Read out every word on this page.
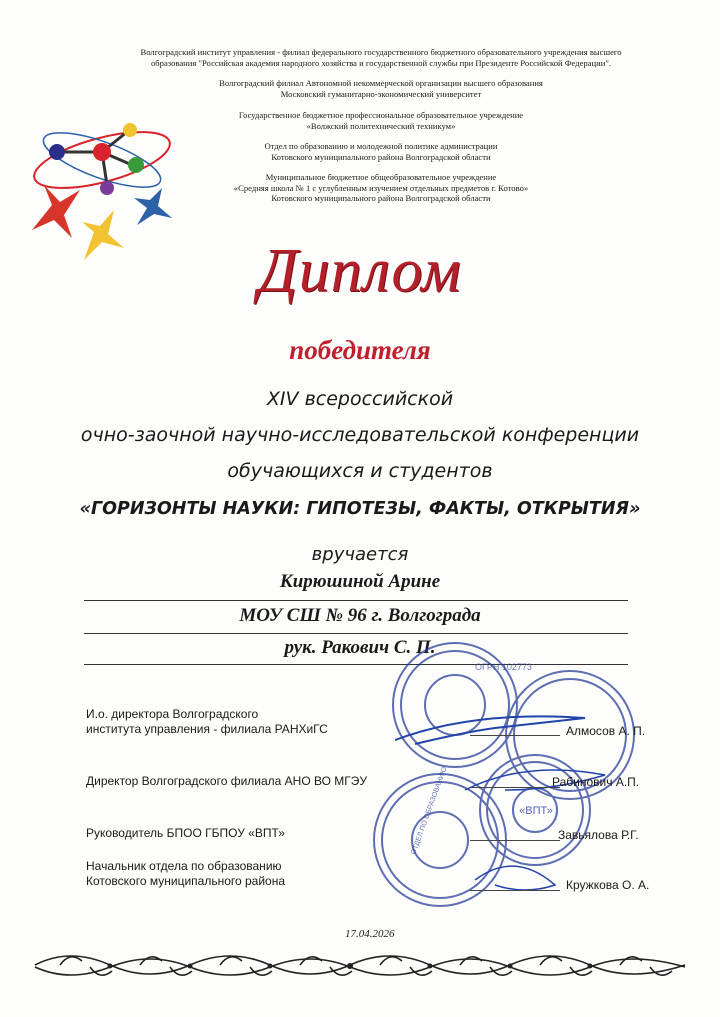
Волгоградский институт управления - филиал федерального государственного бюджетного образовательного учреждения высшего
образования "Российская академия народного хозяйства и государственной службы при Президенте Российской Федерации".
Волгоградский филиал Автономной некоммерческой организации высшего образования
Московский гуманитарно-экономический университет
Государственное бюджетное профессиональное образовательное учреждение
«Волжский политехнический техникум»
Отдел по образованию и молодежной политике администрации
Котовского муниципального района Волгоградской области
Муниципальное бюджетное общеобразовательное учреждение
«Средняя школа № 1 с углубленным изучением отдельных предметов г. Котово»
Котовского муниципального района Волгоградской области
Диплом
победителя
XIV всероссийской
очно-заочной научно-исследовательской конференции
обучающихся и студентов
«ГОРИЗОНТЫ НАУКИ: ГИПОТЕЗЫ, ФАКТЫ, ОТКРЫТИЯ»
вручается
Кирюшиной Арине
МОУ СШ № 96 г. Волгограда
рук. Ракович С. П.
«ВПТ»
ОГРН 102773
ОТДЕЛ ПО ОБРАЗОВАНИЮ
И.о. директора Волгоградского
института управления - филиала РАНХиГС	Алмосов А. П.
Директор Волгоградского филиала АНО ВО МГЭУ	Рабинович А.П.
Руководитель БПОО ГБПОУ «ВПТ»	Завьялова Р.Г.
Начальник отдела по образованию
Котовского муниципального района	Кружкова О. А.
17.04.2026
